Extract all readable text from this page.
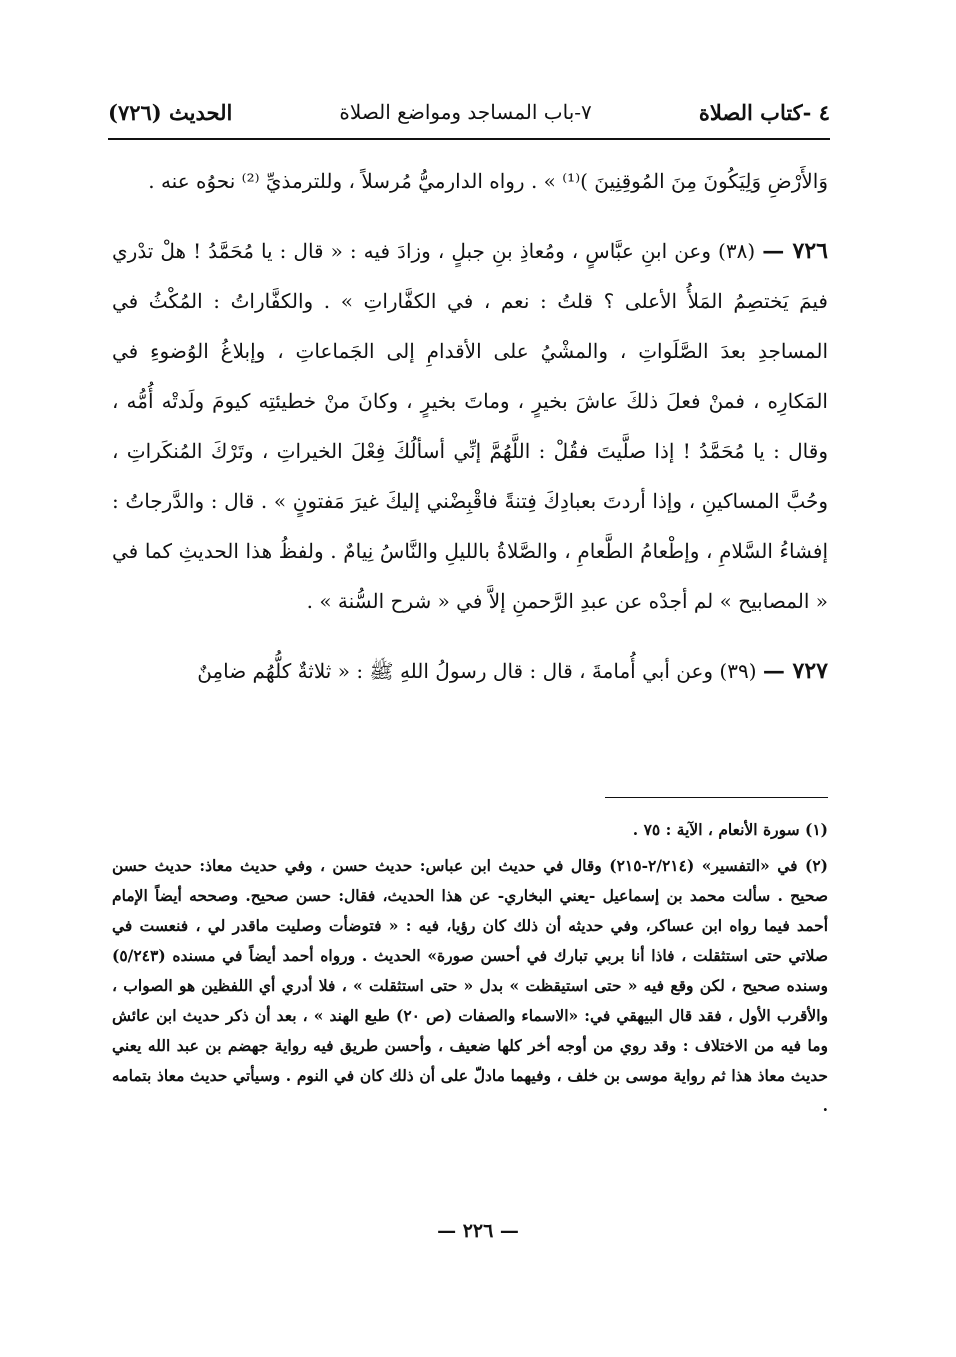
٤ -كتاب الصلاة
٧-باب المساجد ومواضع الصلاة
الحديث (٧٢٦)

وَالأَرْضِ وَلِيَكُونَ مِنَ المُوقِنِينَ )⁽¹⁾ » . رواه الدارميُّ مُرسلاً ، وللترمذيِّ ⁽²⁾ نحوُه عنه .

٧٢٦ — (٣٨) وعن ابنِ عبَّاسٍ ، ومُعاذِ بنِ جبلٍ ، وزادَ فيه : « قال : يا مُحَمَّدُ ! هلْ تدْري فيمَ يَختصِمُ المَلأُ الأعلى ؟ قلتُ : نعم ، في الكفَّاراتِ » . والكفَّاراتُ : المُكْثُ في المساجدِ بعدَ الصَّلَواتِ ، والمشْيُ على الأقدامِ إلى الجَماعاتِ ، وإبلاغُ الوُضوءِ في المَكارِه ، فمنْ فعلَ ذلكَ عاشَ بخيرٍ ، وماتَ بخيرٍ ، وكانَ منْ خطيئتِه كيومَ ولَدتْه أُمُّه ، وقال : يا مُحَمَّدُ ! إذا صلَّيتَ فقُلْ : اللَّهُمَّ إنِّي أسألُكَ فِعْلَ الخيراتِ ، وتَرْكَ المُنكَراتِ ، وحُبَّ المساكينِ ، وإذا أردتَ بعبادِكَ فِتنةً فاقْبِضْني إليكَ غيرَ مَفتونٍ » . قال : والدَّرجاتُ : إفشاءُ السَّلامِ ، وإطْعامُ الطَّعامِ ، والصَّلاةُ بالليلِ والنَّاسُ نِيامٌ . ولفظُ هذا الحديثِ كما في « المصابيح » لم أجدْه عن عبدِ الرَّحمنِ إلاَّ في « شرح السُّنة » .

٧٢٧ — (٣٩) وعن أبي أُمامةَ ، قال : قال رسولُ اللهِ ﷺ : « ثلاثةٌ كلُّهُم ضامِنٌ

(١) سورة الأنعام ، الآية : ٧٥ .

(٢) في «التفسير» (٢/٢١٤-٢١٥) وقال في حديث ابن عباس: حديث حسن ، وفي حديث معاذ: حديث حسن صحيح . سألت محمد بن إسماعيل -يعني البخاري- عن هذا الحديث، فقال: حسن صحيح. وصححه أيضاً الإمام أحمد فيما رواه ابن عساكر، وفي حديثه أن ذلك كان رؤيا، فيه : « فتوضأت وصليت ماقدر لي ، فنعست في صلاتي حتى استثقلت ، فاذا أنا بربي تبارك في أحسن صورة» الحديث . ورواه أحمد أيضاً في مسنده (٥/٢٤٣) وسنده صحيح ، لكن وقع فيه « حتى استيقظت » بدل « حتى استثقلت » ، فلا أدري أي اللفظين هو الصواب ، والأقرب الأول ، فقد قال البيهقي في: «الاسماء والصفات (ص ٢٠) طبع الهند » ، بعد أن ذكر حديث ابن عائش وما فيه من الاختلاف : وقد روي من أوجه أخر كلها ضعيف ، وأحسن طريق فيه رواية جهضم بن عبد الله يعني حديث معاذ هذا ثم رواية موسى بن خلف ، وفيهما مادلّ على أن ذلك كان في النوم . وسيأتي حديث معاذ بتمامه .

— ٢٢٦ —
